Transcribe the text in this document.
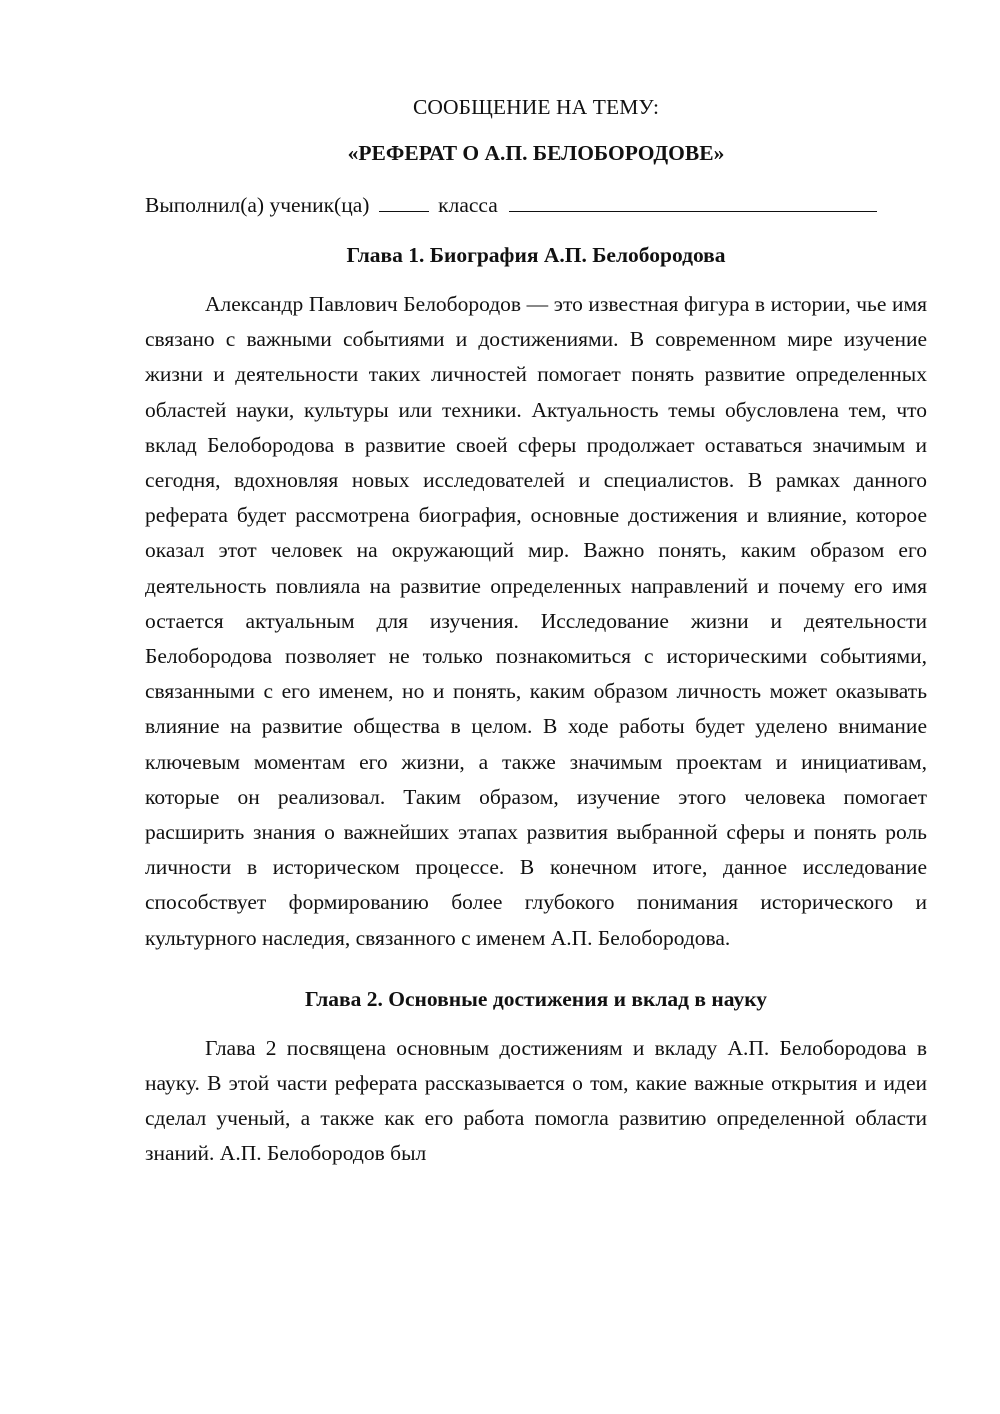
СООБЩЕНИЕ НА ТЕМУ:
«РЕФЕРАТ О А.П. БЕЛОБОРОДОВЕ»
Выполнил(а) ученик(ца)	класса
Глава 1. Биография А.П. Белобородова

Александр Павлович Белобородов — это известная фигура в истории, чье имя связано с важными событиями и достижениями. В современном мире изучение жизни и деятельности таких личностей помогает понять развитие определенных областей науки, культуры или техники. Актуальность темы обусловлена тем, что вклад Белобородова в развитие своей сферы продолжает оставаться значимым и сегодня, вдохновляя новых исследователей и специалистов. В рамках данного реферата будет рассмотрена биография, основные достижения и влияние, которое оказал этот человек на окружающий мир. Важно понять, каким образом его деятельность повлияла на развитие определенных направлений и почему его имя остается актуальным для изучения. Исследование жизни и деятельности Белобородова позволяет не только познакомиться с историческими событиями, связанными с его именем, но и понять, каким образом личность может оказывать влияние на развитие общества в целом. В ходе работы будет уделено внимание ключевым моментам его жизни, а также значимым проектам и инициативам, которые он реализовал. Таким образом, изучение этого человека помогает расширить знания о важнейших этапах развития выбранной сферы и понять роль личности в историческом процессе. В конечном итоге, данное исследование способствует формированию более глубокого понимания исторического и культурного наследия, связанного с именем А.П. Белобородова.

Глава 2. Основные достижения и вклад в науку

Глава 2 посвящена основным достижениям и вкладу А.П. Белобородова в науку. В этой части реферата рассказывается о том, какие важные открытия и идеи сделал ученый, а также как его работа помогла развитию определенной области знаний. А.П. Белобородов был
